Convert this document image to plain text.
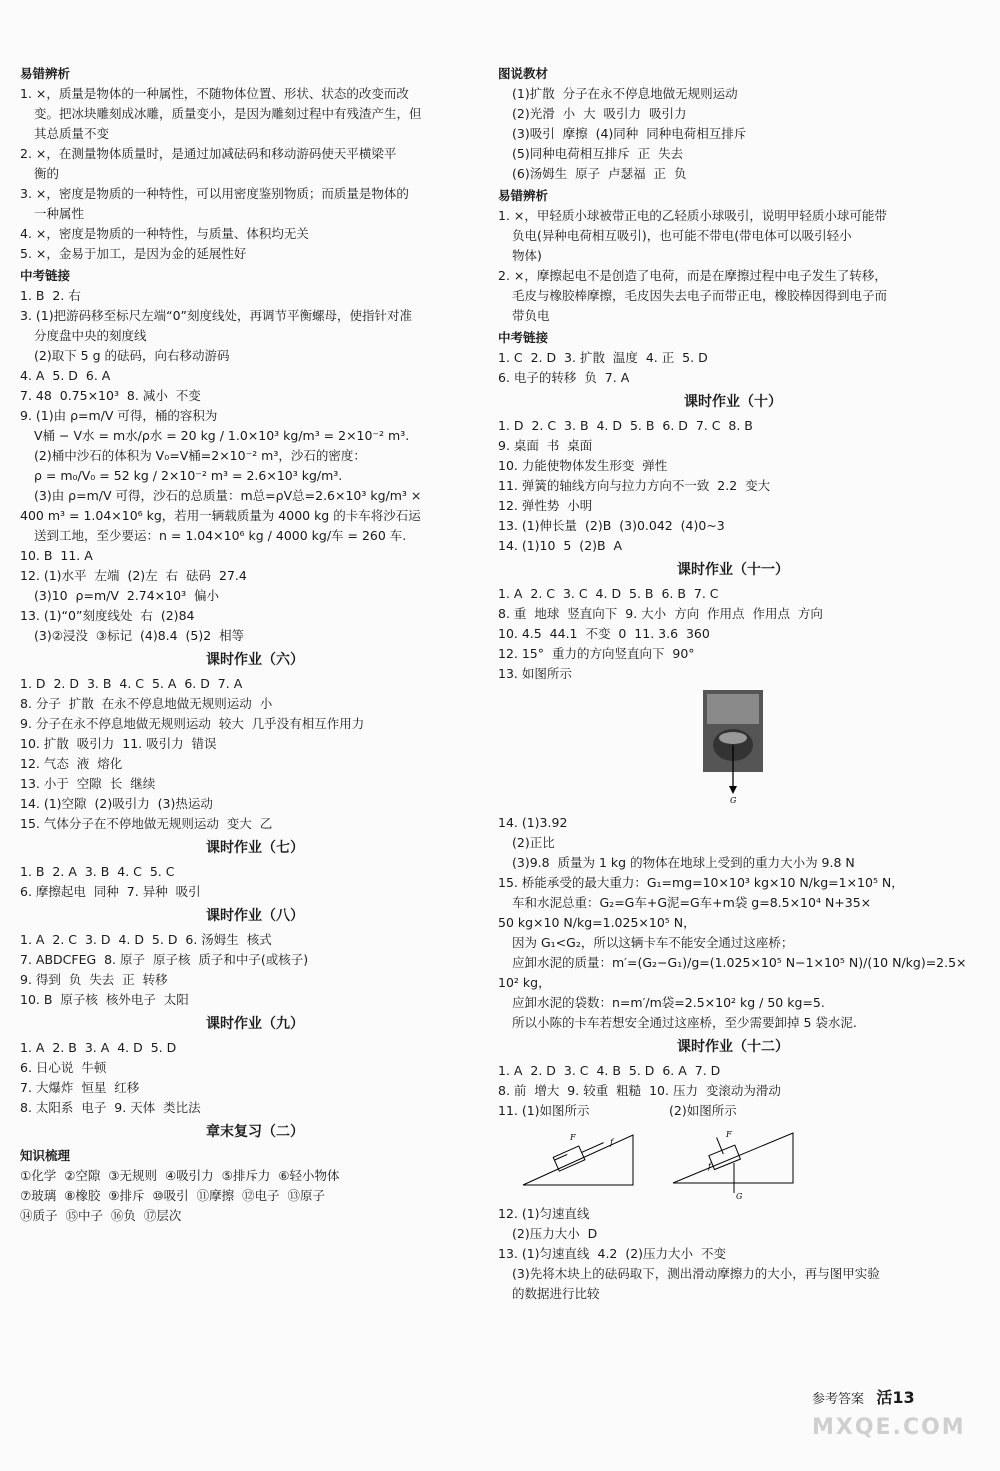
易错辨析
1. ×，质量是物体的一种属性，不随物体位置、形状、状态的改变而改
变。把冰块雕刻成冰雕，质量变小，是因为雕刻过程中有残渣产生，但
其总质量不变
2. ×，在测量物体质量时，是通过加减砝码和移动游码使天平横梁平
衡的
3. ×，密度是物质的一种特性，可以用密度鉴别物质；而质量是物体的
一种属性
4. ×，密度是物质的一种特性，与质量、体积均无关
5. ×，金易于加工，是因为金的延展性好
中考链接
1. B  2. 右
3. (1)把游码移至标尺左端“0”刻度线处，再调节平衡螺母，使指针对准
分度盘中央的刻度线
(2)取下 5 g 的砝码，向右移动游码
4. A  5. D  6. A
7. 48  0.75×10³  8. 减小  不变
9. (1)由 ρ=m/V 可得，桶的容积为
V桶 − V水 = m水/ρ水 = 20 kg / 1.0×10³ kg/m³ = 2×10⁻² m³.
(2)桶中沙石的体积为 V₀=V桶=2×10⁻² m³，沙石的密度：
ρ = m₀/V₀ = 52 kg / 2×10⁻² m³ = 2.6×10³ kg/m³.
(3)由 ρ=m/V 可得，沙石的总质量：m总=ρV总=2.6×10³ kg/m³ ×
400 m³ = 1.04×10⁶ kg，若用一辆载质量为 4000 kg 的卡车将沙石运
送到工地，至少要运：n = 1.04×10⁶ kg / 4000 kg/车 = 260 车.
10. B  11. A
12. (1)水平  左端  (2)左  右  砝码  27.4
(3)10  ρ=m/V  2.74×10³  偏小
13. (1)“0”刻度线处  右  (2)84
(3)②浸没  ③标记  (4)8.4  (5)2  相等
课时作业（六）
1. D  2. D  3. B  4. C  5. A  6. D  7. A
8. 分子  扩散  在永不停息地做无规则运动  小
9. 分子在永不停息地做无规则运动  较大  几乎没有相互作用力
10. 扩散  吸引力  11. 吸引力  错误
12. 气态  液  熔化
13. 小于  空隙  长  继续
14. (1)空隙  (2)吸引力  (3)热运动
15. 气体分子在不停地做无规则运动  变大  乙
课时作业（七）
1. B  2. A  3. B  4. C  5. C
6. 摩擦起电  同种  7. 异种  吸引
课时作业（八）
1. A  2. C  3. D  4. D  5. D  6. 汤姆生  核式
7. ABDCFEG  8. 原子  原子核  质子和中子(或核子)
9. 得到  负  失去  正  转移
10. B  原子核  核外电子  太阳
课时作业（九）
1. A  2. B  3. A  4. D  5. D
6. 日心说  牛顿
7. 大爆炸  恒星  红移
8. 太阳系  电子  9. 天体  类比法
章末复习（二）
知识梳理
①化学  ②空隙  ③无规则  ④吸引力  ⑤排斥力  ⑥轻小物体
⑦玻璃  ⑧橡胶  ⑨排斥  ⑩吸引  ⑪摩擦  ⑫电子  ⑬原子
⑭质子  ⑮中子  ⑯负  ⑰层次
图说教材
(1)扩散  分子在永不停息地做无规则运动
(2)光滑  小  大  吸引力  吸引力
(3)吸引  摩擦  (4)同种  同种电荷相互排斥
(5)同种电荷相互排斥  正  失去
(6)汤姆生  原子  卢瑟福  正  负
易错辨析
1. ×，甲轻质小球被带正电的乙轻质小球吸引，说明甲轻质小球可能带
负电(异种电荷相互吸引)，也可能不带电(带电体可以吸引轻小
物体)
2. ×，摩擦起电不是创造了电荷，而是在摩擦过程中电子发生了转移，
毛皮与橡胶棒摩擦，毛皮因失去电子而带正电，橡胶棒因得到电子而
带负电
中考链接
1. C  2. D  3. 扩散  温度  4. 正  5. D
6. 电子的转移  负  7. A
课时作业（十）
1. D  2. C  3. B  4. D  5. B  6. D  7. C  8. B
9. 桌面  书  桌面
10. 力能使物体发生形变  弹性
11. 弹簧的轴线方向与拉力方向不一致  2.2  变大
12. 弹性势  小明
13. (1)伸长量  (2)B  (3)0.042  (4)0~3
14. (1)10  5  (2)B  A
课时作业（十一）
1. A  2. C  3. C  4. D  5. B  6. B  7. C
8. 重  地球  竖直向下  9. 大小  方向  作用点  作用点  方向
10. 4.5  44.1  不变  0  11. 3.6  360
12. 15°  重力的方向竖直向下  90°
13. 如图所示
G
14. (1)3.92
(2)正比
(3)9.8  质量为 1 kg 的物体在地球上受到的重力大小为 9.8 N
15. 桥能承受的最大重力：G₁=mg=10×10³ kg×10 N/kg=1×10⁵ N，
车和水泥总重：G₂=G车+G泥=G车+m袋 g=8.5×10⁴ N+35×
50 kg×10 N/kg=1.025×10⁵ N，
因为 G₁<G₂，所以这辆卡车不能安全通过这座桥；
应卸水泥的质量：m′=(G₂−G₁)/g=(1.025×10⁵ N−1×10⁵ N)/(10 N/kg)=2.5×
10² kg，
应卸水泥的袋数：n=m′/m袋=2.5×10² kg / 50 kg=5.
所以小陈的卡车若想安全通过这座桥，至少需要卸掉 5 袋水泥.
课时作业（十二）
1. A  2. D  3. C  4. B  5. D  6. A  7. D
8. 前  增大  9. 较重  粗糙  10. 压力  变滚动为滑动
11. (1)如图所示                    (2)如图所示
F
f
F
f
G
12. (1)匀速直线
(2)压力大小  D
13. (1)匀速直线  4.2  (2)压力大小  不变
(3)先将木块上的砝码取下，测出滑动摩擦力的大小，再与图甲实验
的数据进行比较
参考答案 活13
MXQE.COM
